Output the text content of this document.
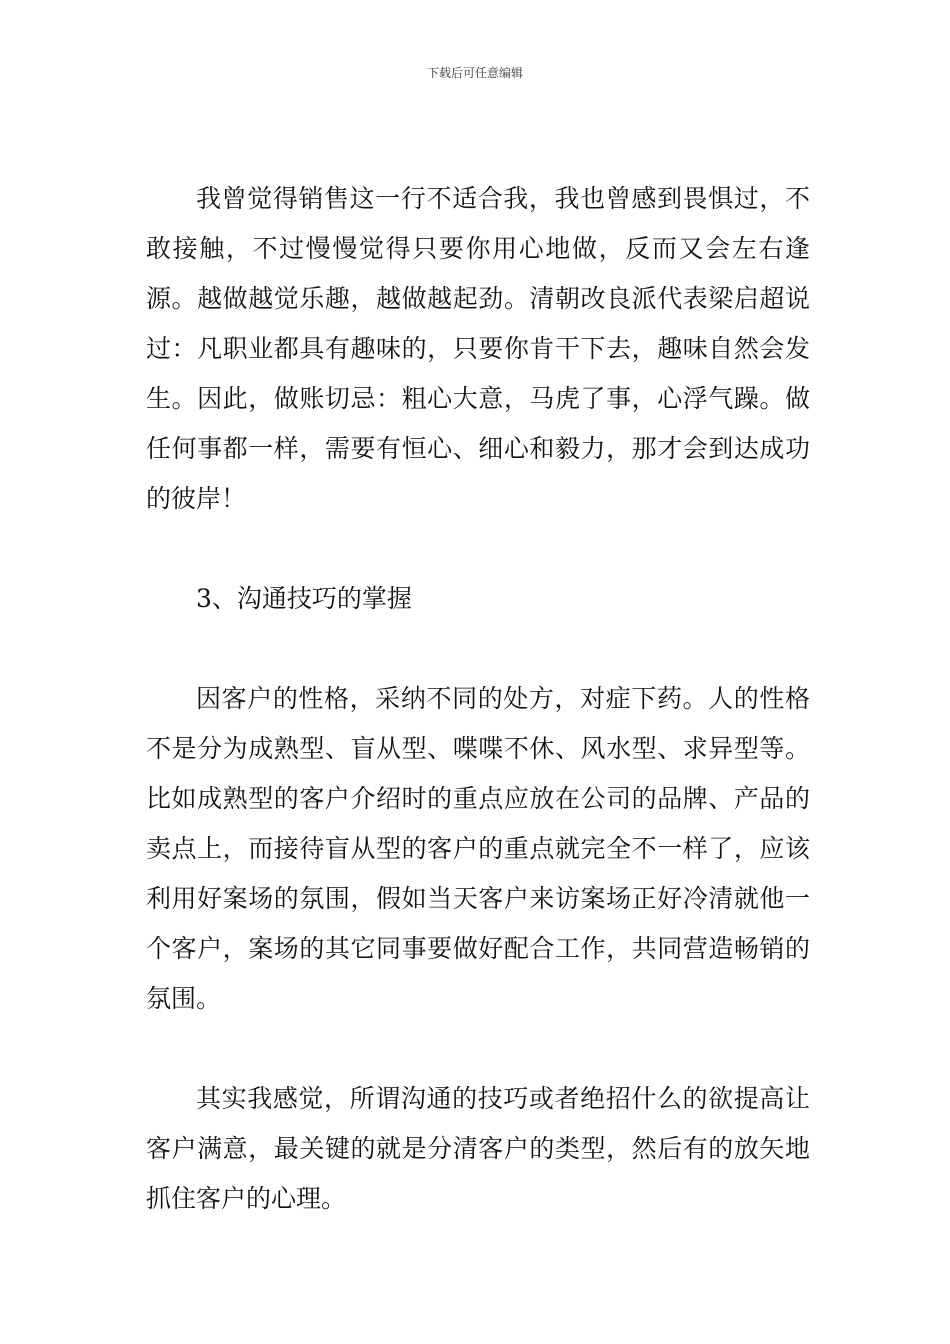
下载后可任意编辑

我曾觉得销售这一行不适合我，我也曾感到畏惧过，不敢接触，不过慢慢觉得只要你用心地做，反而又会左右逢源。越做越觉乐趣，越做越起劲。清朝改良派代表梁启超说过：凡职业都具有趣味的，只要你肯干下去，趣味自然会发生。因此，做账切忌：粗心大意，马虎了事，心浮气躁。做任何事都一样，需要有恒心、细心和毅力，那才会到达成功的彼岸！

3、沟通技巧的掌握

因客户的性格，采纳不同的处方，对症下药。人的性格不是分为成熟型、盲从型、喋喋不休、风水型、求异型等。比如成熟型的客户介绍时的重点应放在公司的品牌、产品的卖点上，而接待盲从型的客户的重点就完全不一样了，应该利用好案场的氛围，假如当天客户来访案场正好冷清就他一个客户，案场的其它同事要做好配合工作，共同营造畅销的氛围。

其实我感觉，所谓沟通的技巧或者绝招什么的欲提高让客户满意，最关键的就是分清客户的类型，然后有的放矢地抓住客户的心理。
